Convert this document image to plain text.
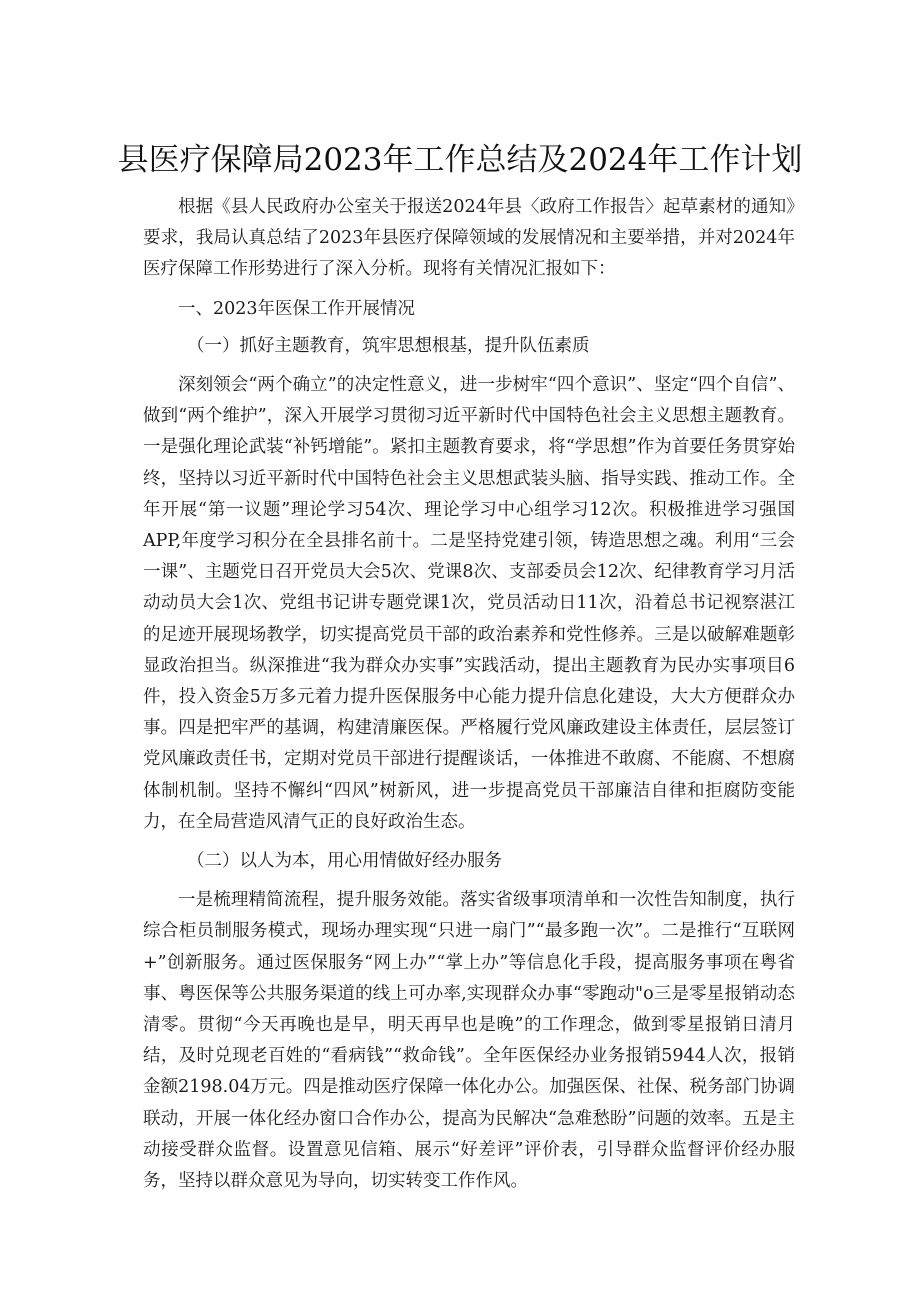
县医疗保障局2023年工作总结及2024年工作计划

根据《县人民政府办公室关于报送2024年县〈政府工作报告〉起草素材的通知》要求，我局认真总结了2023年县医疗保障领域的发展情况和主要举措，并对2024年医疗保障工作形势进行了深入分析。现将有关情况汇报如下：

一、2023年医保工作开展情况

（一）抓好主题教育，筑牢思想根基，提升队伍素质

深刻领会“两个确立”的决定性意义，进一步树牢“四个意识”、坚定“四个自信”、做到“两个维护”，深入开展学习贯彻习近平新时代中国特色社会主义思想主题教育。一是强化理论武装“补钙增能”。紧扣主题教育要求，将“学思想”作为首要任务贯穿始终，坚持以习近平新时代中国特色社会主义思想武装头脑、指导实践、推动工作。全年开展“第一议题”理论学习54次、理论学习中心组学习12次。积极推进学习强国APP,年度学习积分在全县排名前十。二是坚持党建引领，铸造思想之魂。利用“三会一课”、主题党日召开党员大会5次、党课8次、支部委员会12次、纪律教育学习月活动动员大会1次、党组书记讲专题党课1次，党员活动日11次，沿着总书记视察湛江的足迹开展现场教学，切实提高党员干部的政治素养和党性修养。三是以破解难题彰显政治担当。纵深推进“我为群众办实事”实践活动，提出主题教育为民办实事项目6件，投入资金5万多元着力提升医保服务中心能力提升信息化建设，大大方便群众办事。四是把牢严的基调，构建清廉医保。严格履行党风廉政建设主体责任，层层签订党风廉政责任书，定期对党员干部进行提醒谈话，一体推进不敢腐、不能腐、不想腐体制机制。坚持不懈纠“四风”树新风，进一步提高党员干部廉洁自律和拒腐防变能力，在全局营造风清气正的良好政治生态。

（二）以人为本，用心用情做好经办服务

一是梳理精简流程，提升服务效能。落实省级事项清单和一次性告知制度，执行综合柜员制服务模式，现场办理实现“只进一扇门”“最多跑一次”。二是推行“互联网+”创新服务。通过医保服务“网上办”“掌上办”等信息化手段，提高服务事项在粤省事、粤医保等公共服务渠道的线上可办率,实现群众办事“零跑动"o三是零星报销动态清零。贯彻“今天再晚也是早，明天再早也是晚”的工作理念，做到零星报销日清月结，及时兑现老百姓的“看病钱”“救命钱”。全年医保经办业务报销5944人次，报销金额2198.04万元。四是推动医疗保障一体化办公。加强医保、社保、税务部门协调联动，开展一体化经办窗口合作办公，提高为民解决“急难愁盼”问题的效率。五是主动接受群众监督。设置意见信箱、展示“好差评”评价表，引导群众监督评价经办服务，坚持以群众意见为导向，切实转变工作作风。
